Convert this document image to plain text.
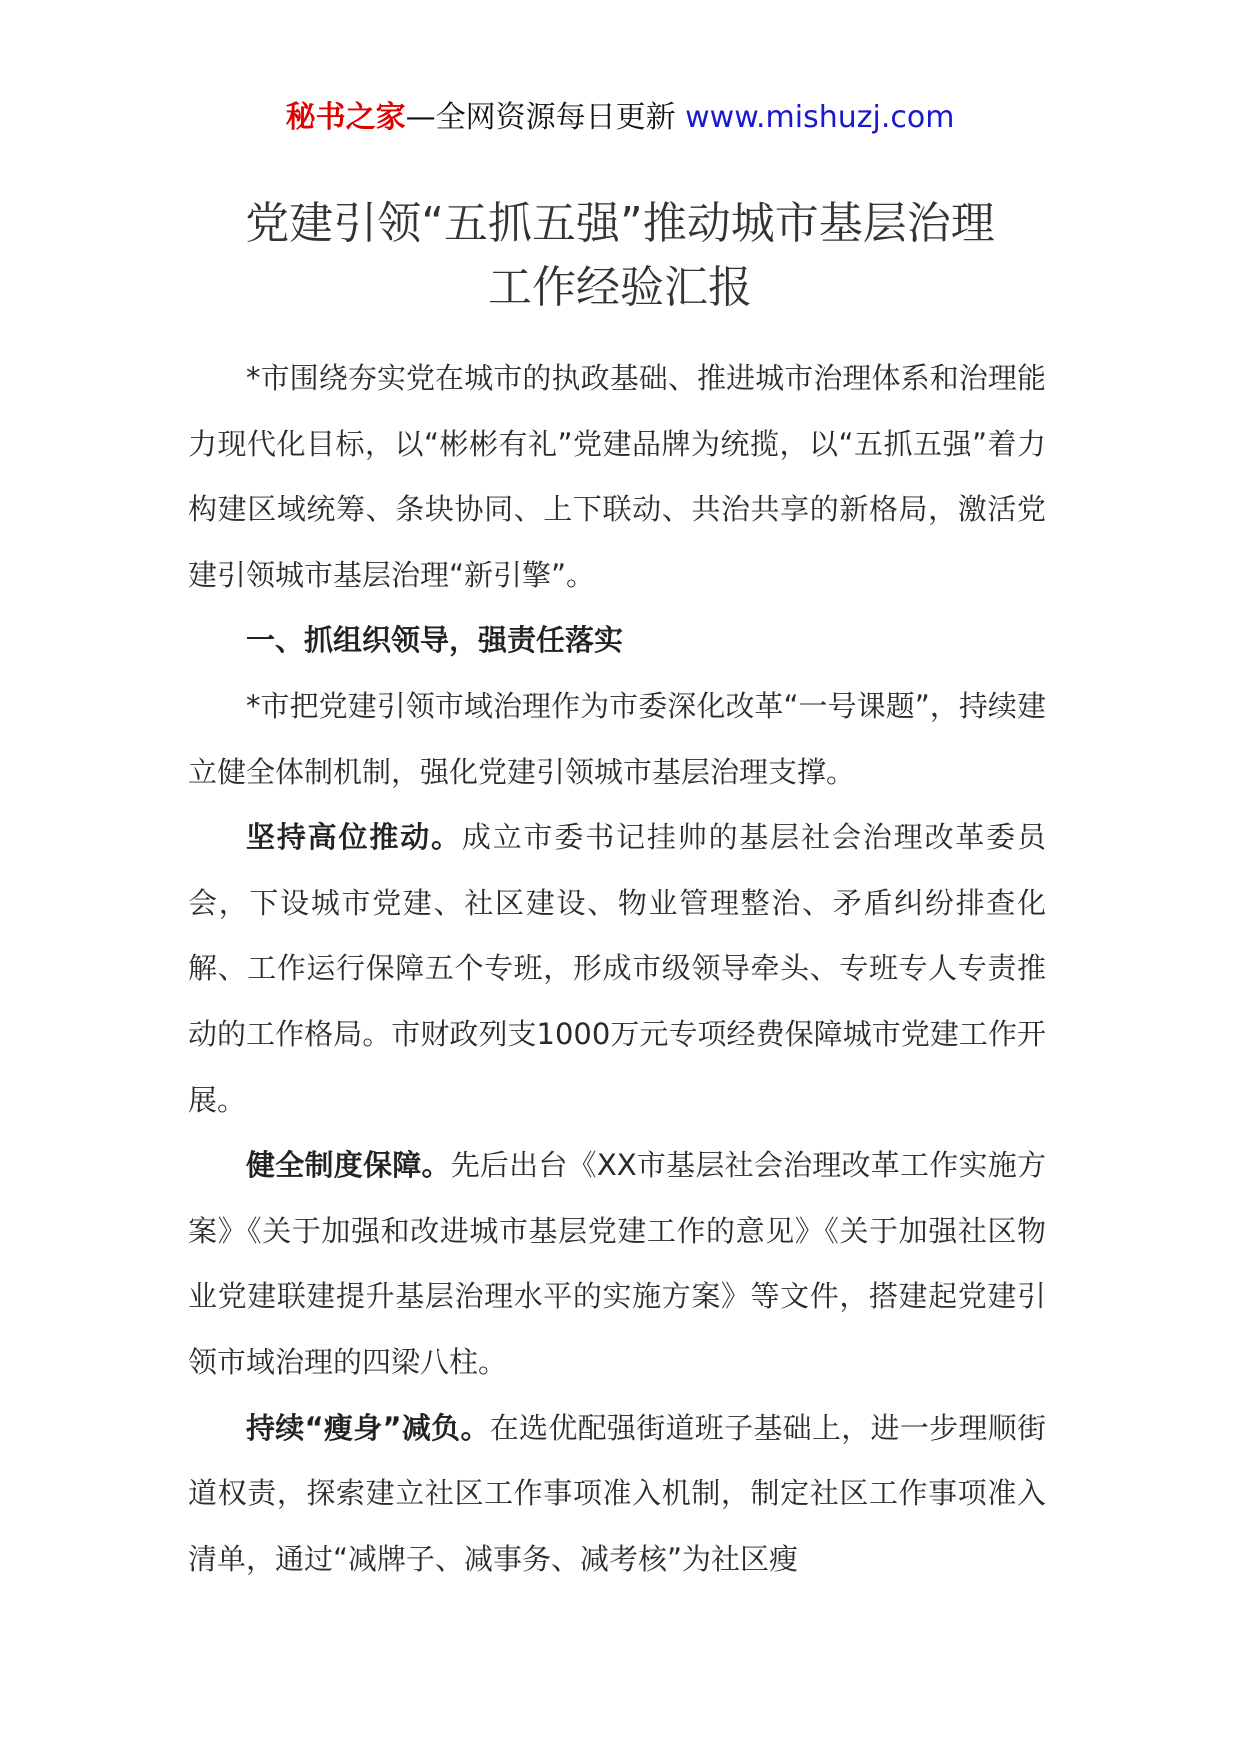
秘书之家—全网资源每日更新 www.mishuzj.com
党建引领“五抓五强”推动城市基层治理
工作经验汇报

*市围绕夯实党在城市的执政基础、推进城市治理体系和治理能力现代化目标，以“彬彬有礼”党建品牌为统揽，以“五抓五强”着力构建区域统筹、条块协同、上下联动、共治共享的新格局，激活党建引领城市基层治理“新引擎”。

一、抓组织领导，强责任落实

*市把党建引领市域治理作为市委深化改革“一号课题”，持续建立健全体制机制，强化党建引领城市基层治理支撑。

坚持高位推动。成立市委书记挂帅的基层社会治理改革委员会，下设城市党建、社区建设、物业管理整治、矛盾纠纷排查化解、工作运行保障五个专班，形成市级领导牵头、专班专人专责推动的工作格局。市财政列支1000万元专项经费保障城市党建工作开展。

健全制度保障。先后出台《XX市基层社会治理改革工作实施方案》《关于加强和改进城市基层党建工作的意见》《关于加强社区物业党建联建提升基层治理水平的实施方案》等文件，搭建起党建引领市域治理的四梁八柱。

持续“瘦身”减负。在选优配强街道班子基础上，进一步理顺街道权责，探索建立社区工作事项准入机制，制定社区工作事项准入清单，通过“减牌子、减事务、减考核”为社区瘦
